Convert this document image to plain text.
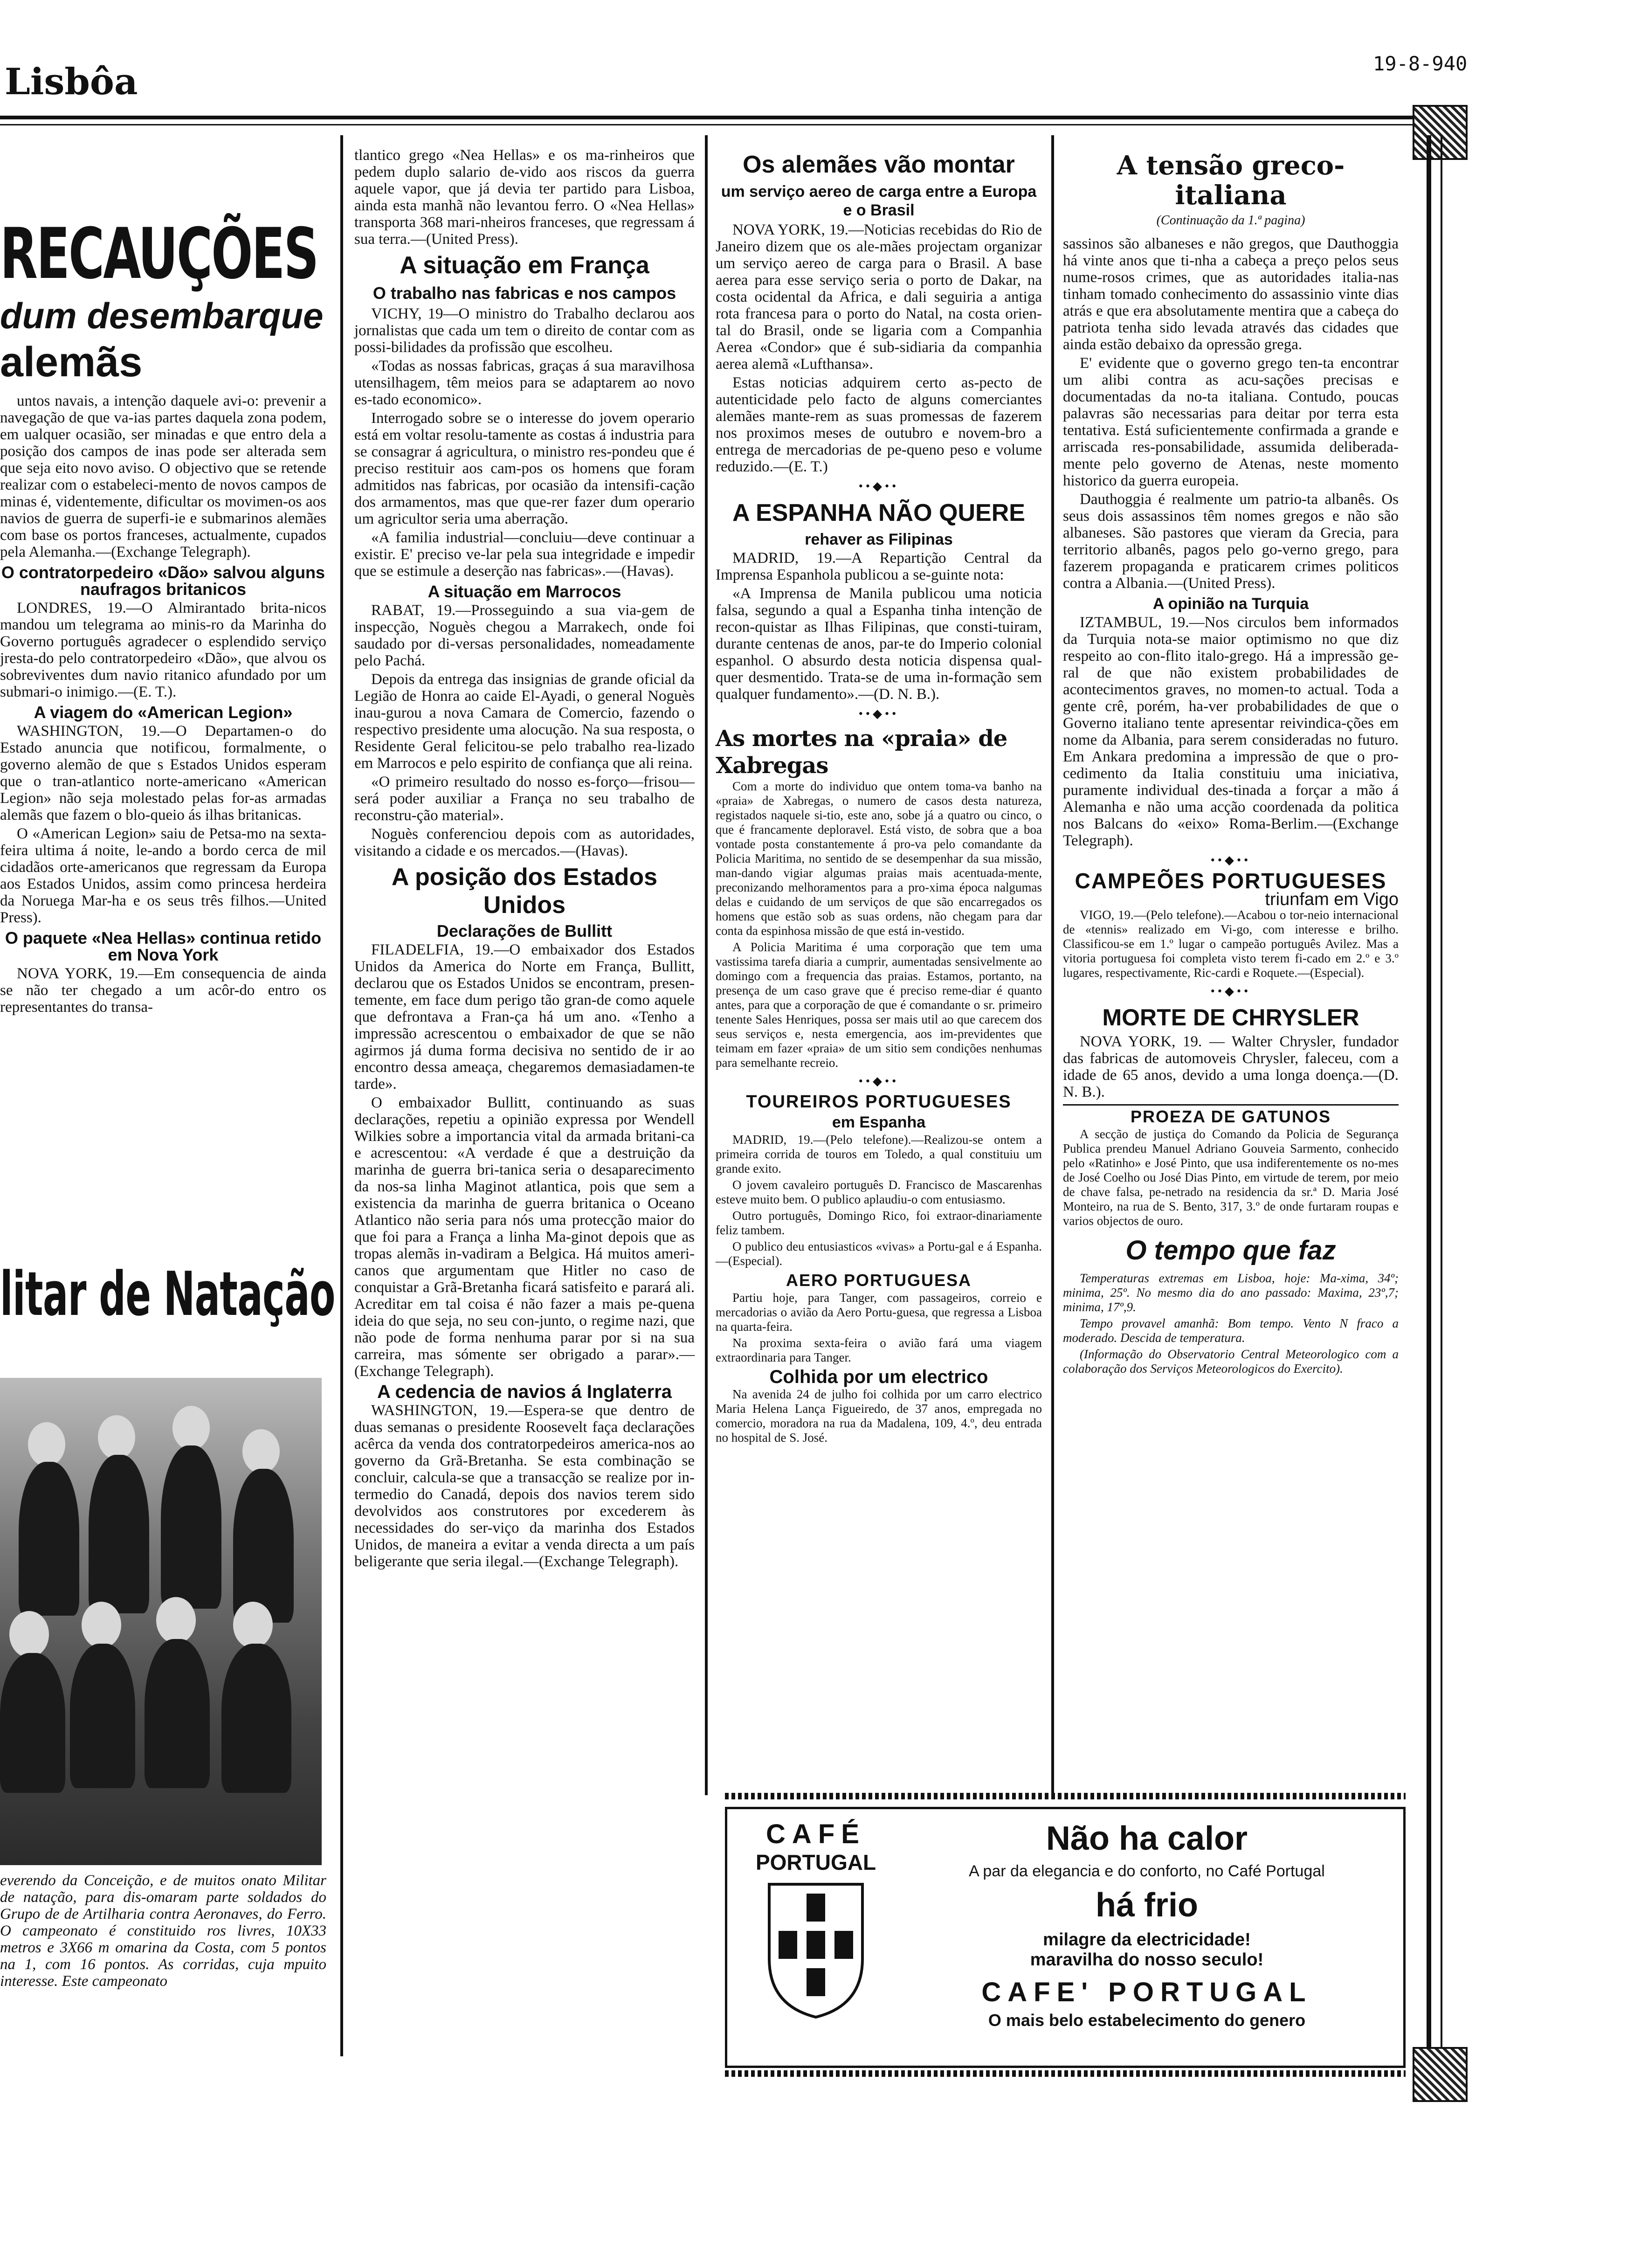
Lisbôa	19-8-940
RECAUÇÕES
dum desembarque
alemãs

untos navais, a intenção daquele avi-o: prevenir a navegação de que va-ias partes daquela zona podem, em ualquer ocasião, ser minadas e que entro dela a posição dos campos de inas pode ser alterada sem que seja eito novo aviso. O objectivo que se retende realizar com o estabeleci-mento de novos campos de minas é, videntemente, dificultar os movimen-os aos navios de guerra de superfi-ie e submarinos alemães com base os portos franceses, actualmente, cupados pela Alemanha.—(Exchange Telegraph).

O contratorpedeiro «Dão» salvou alguns naufragos britanicos

LONDRES, 19.—O Almirantado brita-nicos mandou um telegrama ao minis-ro da Marinha do Governo português agradecer o esplendido serviço jresta-do pelo contratorpedeiro «Dão», que alvou os sobreviventes dum navio ritanico afundado por um submari-o inimigo.—(E. T.).

A viagem do «American Legion»

WASHINGTON, 19.—O Departamen-o do Estado anuncia que notificou, formalmente, o governo alemão de que s Estados Unidos esperam que o tran-atlantico norte-americano «American Legion» não seja molestado pelas for-as armadas alemãs que fazem o blo-queio ás ilhas britanicas.

O «American Legion» saiu de Petsa-mo na sexta-feira ultima á noite, le-ando a bordo cerca de mil cidadãos orte-americanos que regressam da Europa aos Estados Unidos, assim como princesa herdeira da Noruega Mar-ha e os seus três filhos.—United Press).

O paquete «Nea Hellas» continua retido em Nova York

NOVA YORK, 19.—Em consequencia de ainda se não ter chegado a um acôr-do entro os representantes do transa-

litar de Natação

everendo da Conceição, e de muitos onato Militar de natação, para dis-omaram parte soldados do Grupo de de Artilharia contra Aeronaves, do Ferro. O campeonato é constituido ros livres, 10X33 metros e 3X66 m omarina da Costa, com 5 pontos na 1, com 16 pontos. As corridas, cuja mpuito interesse. Este campeonato

tlantico grego «Nea Hellas» e os ma-rinheiros que pedem duplo salario de-vido aos riscos da guerra aquele vapor, que já devia ter partido para Lisboa, ainda esta manhã não levantou ferro. O «Nea Hellas» transporta 368 mari-nheiros franceses, que regressam á sua terra.—(United Press).

A situação em França
O trabalho nas fabricas e nos campos

VICHY, 19—O ministro do Trabalho declarou aos jornalistas que cada um tem o direito de contar com as possi-bilidades da profissão que escolheu.

«Todas as nossas fabricas, graças á sua maravilhosa utensilhagem, têm meios para se adaptarem ao novo es-tado economico».

Interrogado sobre se o interesse do jovem operario está em voltar resolu-tamente as costas á industria para se consagrar á agricultura, o ministro res-pondeu que é preciso restituir aos cam-pos os homens que foram admitidos nas fabricas, por ocasião da intensifi-cação dos armamentos, mas que que-rer fazer dum operario um agricultor seria uma aberração.

«A familia industrial—concluiu—deve continuar a existir. E' preciso ve-lar pela sua integridade e impedir que se estimule a deserção nas fabricas».—(Havas).

A situação em Marrocos

RABAT, 19.—Prosseguindo a sua via-gem de inspecção, Noguès chegou a Marrakech, onde foi saudado por di-versas personalidades, nomeadamente pelo Pachá.

Depois da entrega das insignias de grande oficial da Legião de Honra ao caide El-Ayadi, o general Noguès inau-gurou a nova Camara de Comercio, fazendo o respectivo presidente uma alocução. Na sua resposta, o Residente Geral felicitou-se pelo trabalho rea-lizado em Marrocos e pelo espirito de confiança que ali reina.

«O primeiro resultado do nosso es-forço—frisou—será poder auxiliar a França no seu trabalho de reconstru-ção material».

Noguès conferenciou depois com as autoridades, visitando a cidade e os mercados.—(Havas).

A posição dos Estados Unidos
Declarações de Bullitt

FILADELFIA, 19.—O embaixador dos Estados Unidos da America do Norte em França, Bullitt, declarou que os Estados Unidos se encontram, presen-temente, em face dum perigo tão gran-de como aquele que defrontava a Fran-ça há um ano. «Tenho a impressão acrescentou o embaixador de que se não agirmos já duma forma decisiva no sentido de ir ao encontro dessa ameaça, chegaremos demasiadamen-te tarde».

O embaixador Bullitt, continuando as suas declarações, repetiu a opinião expressa por Wendell Wilkies sobre a importancia vital da armada britani-ca e acrescentou: «A verdade é que a destruição da marinha de guerra bri-tanica seria o desaparecimento da nos-sa linha Maginot atlantica, pois que sem a existencia da marinha de guerra britanica o Oceano Atlantico não seria para nós uma protecção maior do que foi para a França a linha Ma-ginot depois que as tropas alemãs in-vadiram a Belgica. Há muitos ameri-canos que argumentam que Hitler no caso de conquistar a Grã-Bretanha ficará satisfeito e parará ali. Acreditar em tal coisa é não fazer a mais pe-quena ideia do que seja, no seu con-junto, o regime nazi, que não pode de forma nenhuma parar por si na sua carreira, mas sómente ser obrigado a parar».—(Exchange Telegraph).

A cedencia de navios á Inglaterra

WASHINGTON, 19.—Espera-se que dentro de duas semanas o presidente Roosevelt faça declarações acêrca da venda dos contratorpedeiros america-nos ao governo da Grã-Bretanha. Se esta combinação se concluir, calcula-se que a transacção se realize por in-termedio do Canadá, depois dos navios terem sido devolvidos aos construtores por excederem às necessidades do ser-viço da marinha dos Estados Unidos, de maneira a evitar a venda directa a um país beligerante que seria ilegal.—(Exchange Telegraph).

Os alemães vão montar
um serviço aereo de carga entre a Europa e o Brasil

NOVA YORK, 19.—Noticias recebidas do Rio de Janeiro dizem que os ale-mães projectam organizar um serviço aereo de carga para o Brasil. A base aerea para esse serviço seria o porto de Dakar, na costa ocidental da Africa, e dali seguiria a antiga rota francesa para o porto do Natal, na costa orien-tal do Brasil, onde se ligaria com a Companhia Aerea «Condor» que é sub-sidiaria da companhia aerea alemã «Lufthansa».

Estas noticias adquirem certo as-pecto de autenticidade pelo facto de alguns comerciantes alemães mante-rem as suas promessas de fazerem nos proximos meses de outubro e novem-bro a entrega de mercadorias de pe-queno peso e volume reduzido.—(E. T.)

••◆••
A ESPANHA NÃO QUERE
rehaver as Filipinas

MADRID, 19.—A Repartição Central da Imprensa Espanhola publicou a se-guinte nota:

«A Imprensa de Manila publicou uma noticia falsa, segundo a qual a Espanha tinha intenção de recon-quistar as Ilhas Filipinas, que consti-tuiram, durante centenas de anos, par-te do Imperio colonial espanhol. O absurdo desta noticia dispensa qual-quer desmentido. Trata-se de uma in-formação sem qualquer fundamento».—(D. N. B.).

••◆••
As mortes na «praia» de Xabregas

Com a morte do individuo que ontem toma-va banho na «praia» de Xabregas, o numero de casos desta natureza, registados naquele si-tio, este ano, sobe já a quatro ou cinco, o que é francamente deploravel. Está visto, de sobra que a boa vontade posta constantemente á pro-va pelo comandante da Policia Maritima, no sentido de se desempenhar da sua missão, man-dando vigiar algumas praias mais acentuada-mente, preconizando melhoramentos para a pro-xima época nalgumas delas e cuidando de um serviços de que são encarregados os homens que estão sob as suas ordens, não chegam para dar conta da espinhosa missão de que está in-vestido.

A Policia Maritima é uma corporação que tem uma vastissima tarefa diaria a cumprir, aumentadas sensivelmente ao domingo com a frequencia das praias. Estamos, portanto, na presença de um caso grave que é preciso reme-diar é quanto antes, para que a corporação de que é comandante o sr. primeiro tenente Sales Henriques, possa ser mais util ao que carecem dos seus serviços e, nesta emergencia, aos im-previdentes que teimam em fazer «praia» de um sitio sem condições nenhumas para semelhante recreio.

••◆••
TOUREIROS PORTUGUESES
em Espanha

MADRID, 19.—(Pelo telefone).—Realizou-se ontem a primeira corrida de touros em Toledo, a qual constituiu um grande exito.

O jovem cavaleiro português D. Francisco de Mascarenhas esteve muito bem. O publico aplaudiu-o com entusiasmo.

Outro português, Domingo Rico, foi extraor-dinariamente feliz tambem.

O publico deu entusiasticos «vivas» a Portu-gal e á Espanha.—(Especial).

AERO PORTUGUESA

Partiu hoje, para Tanger, com passageiros, correio e mercadorias o avião da Aero Portu-guesa, que regressa a Lisboa na quarta-feira.

Na proxima sexta-feira o avião fará uma viagem extraordinaria para Tanger.

Colhida por um electrico

Na avenida 24 de julho foi colhida por um carro electrico Maria Helena Lança Figueiredo, de 37 anos, empregada no comercio, moradora na rua da Madalena, 109, 4.º, deu entrada no hospital de S. José.

A tensão greco-italiana
(Continuação da 1.ª pagina)

sassinos são albaneses e não gregos, que Dauthoggia há vinte anos que ti-nha a cabeça a preço pelos seus nume-rosos crimes, que as autoridades italia-nas tinham tomado conhecimento do assassinio vinte dias atrás e que era absolutamente mentira que a cabeça do patriota tenha sido levada através das cidades que ainda estão debaixo da opressão grega.

E' evidente que o governo grego ten-ta encontrar um alibi contra as acu-sações precisas e documentadas da no-ta italiana. Contudo, poucas palavras são necessarias para deitar por terra esta tentativa. Está suficientemente confirmada a grande e arriscada res-ponsabilidade, assumida deliberada-mente pelo governo de Atenas, neste momento historico da guerra europeia.

Dauthoggia é realmente um patrio-ta albanês. Os seus dois assassinos têm nomes gregos e não são albaneses. São pastores que vieram da Grecia, para territorio albanês, pagos pelo go-verno grego, para fazerem propaganda e praticarem crimes politicos contra a Albania.—(United Press).

A opinião na Turquia

IZTAMBUL, 19.—Nos circulos bem informados da Turquia nota-se maior optimismo no que diz respeito ao con-flito italo-grego. Há a impressão ge-ral de que não existem probabilidades de acontecimentos graves, no momen-to actual. Toda a gente crê, porém, ha-ver probabilidades de que o Governo italiano tente apresentar reivindica-ções em nome da Albania, para serem consideradas no futuro. Em Ankara predomina a impressão de que o pro-cedimento da Italia constituiu uma iniciativa, puramente individual des-tinada a forçar a mão á Alemanha e não uma acção coordenada da politica nos Balcans do «eixo» Roma-Berlim.—(Exchange Telegraph).

••◆••
CAMPEÕES PORTUGUESES
triunfam em Vigo

VIGO, 19.—(Pelo telefone).—Acabou o tor-neio internacional de «tennis» realizado em Vi-go, com interesse e brilho. Classificou-se em 1.º lugar o campeão português Avilez. Mas a vitoria portuguesa foi completa visto terem fi-cado em 2.º e 3.º lugares, respectivamente, Ric-cardi e Roquete.—(Especial).

••◆••
MORTE DE CHRYSLER

NOVA YORK, 19. — Walter Chrysler, fundador das fabricas de automoveis Chrysler, faleceu, com a idade de 65 anos, devido a uma longa doença.—(D. N. B.).

PROEZA DE GATUNOS

A secção de justiça do Comando da Policia de Segurança Publica prendeu Manuel Adriano Gouveia Sarmento, conhecido pelo «Ratinho» e José Pinto, que usa indiferentemente os no-mes de José Coelho ou José Dias Pinto, em virtude de terem, por meio de chave falsa, pe-netrado na residencia da sr.ª D. Maria José Monteiro, na rua de S. Bento, 317, 3.º de onde furtaram roupas e varios objectos de ouro.

O tempo que faz

Temperaturas extremas em Lisboa, hoje: Ma-xima, 34º; minima, 25º. No mesmo dia do ano passado: Maxima, 23º,7; minima, 17º,9.

Tempo provavel amanhã: Bom tempo. Vento N fraco a moderado. Descida de temperatura.

(Informação do Observatorio Central Meteorologico com a colaboração dos Serviços Meteorologicos do Exercito).

CAFÉ
PORTUGAL
Não ha calor
A par da elegancia e do conforto, no Café Portugal
há frio
milagre da electricidade!
maravilha do nosso seculo!
CAFE' PORTUGAL
O mais belo estabelecimento do genero
